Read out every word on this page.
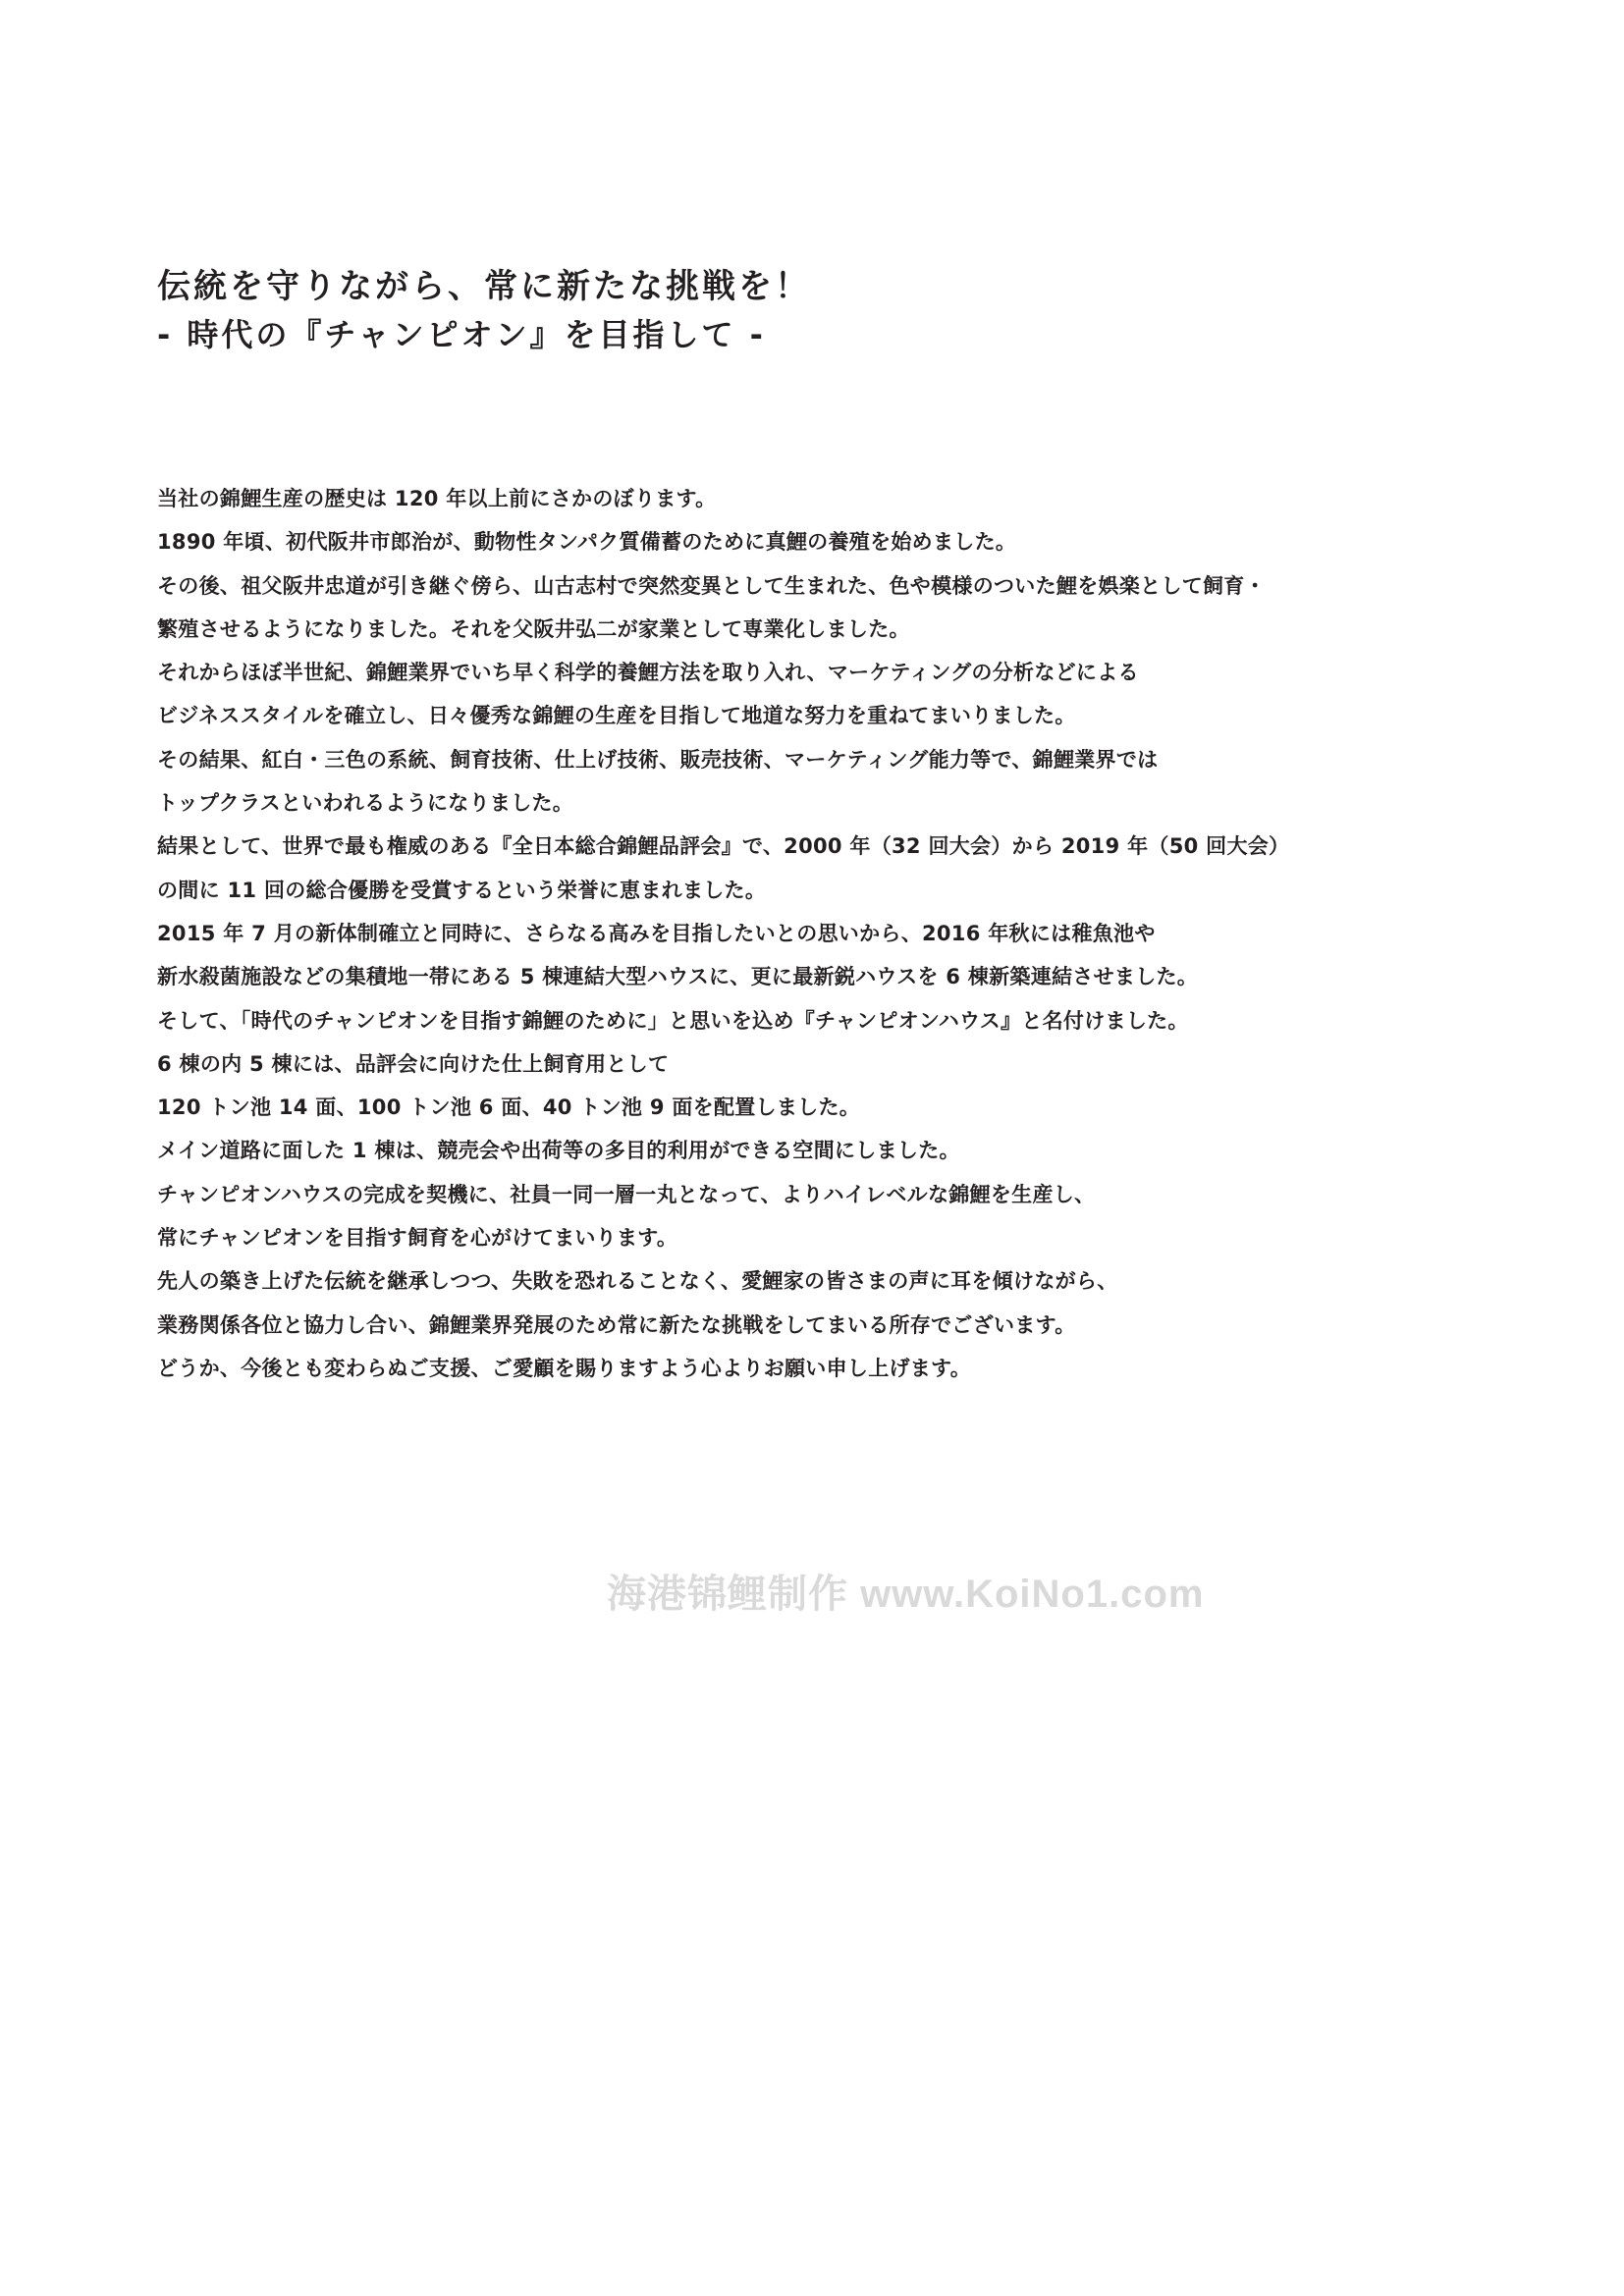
伝統を守りながら、常に新たな挑戦を！
- 時代の『チャンピオン』を目指して -
当社の錦鯉生産の歴史は 120 年以上前にさかのぼります。
1890 年頃、初代阪井市郎治が、動物性タンパク質備蓄のために真鯉の養殖を始めました。
その後、祖父阪井忠道が引き継ぐ傍ら、山古志村で突然変異として生まれた、色や模様のついた鯉を娯楽として飼育・
繁殖させるようになりました。それを父阪井弘二が家業として専業化しました。
それからほぼ半世紀、錦鯉業界でいち早く科学的養鯉方法を取り入れ、マーケティングの分析などによる
ビジネススタイルを確立し、日々優秀な錦鯉の生産を目指して地道な努力を重ねてまいりました。
その結果、紅白・三色の系統、飼育技術、仕上げ技術、販売技術、マーケティング能力等で、錦鯉業界では
トップクラスといわれるようになりました。
結果として、世界で最も権威のある『全日本総合錦鯉品評会』で、2000 年（32 回大会）から 2019 年（50 回大会）
の間に 11 回の総合優勝を受賞するという栄誉に恵まれました。
2015 年 7 月の新体制確立と同時に、さらなる高みを目指したいとの思いから、2016 年秋には稚魚池や
新水殺菌施設などの集積地一帯にある 5 棟連結大型ハウスに、更に最新鋭ハウスを 6 棟新築連結させました。
そして、「時代のチャンピオンを目指す錦鯉のために」と思いを込め『チャンピオンハウス』と名付けました。
6 棟の内 5 棟には、品評会に向けた仕上飼育用として
120 トン池 14 面、100 トン池 6 面、40 トン池 9 面を配置しました。
メイン道路に面した 1 棟は、競売会や出荷等の多目的利用ができる空間にしました。
チャンピオンハウスの完成を契機に、社員一同一層一丸となって、よりハイレベルな錦鯉を生産し、
常にチャンピオンを目指す飼育を心がけてまいります。
先人の築き上げた伝統を継承しつつ、失敗を恐れることなく、愛鯉家の皆さまの声に耳を傾けながら、
業務関係各位と協力し合い、錦鯉業界発展のため常に新たな挑戦をしてまいる所存でございます。
どうか、今後とも変わらぬご支援、ご愛顧を賜りますよう心よりお願い申し上げます。
海港锦鲤制作 www.KoiNo1.com
